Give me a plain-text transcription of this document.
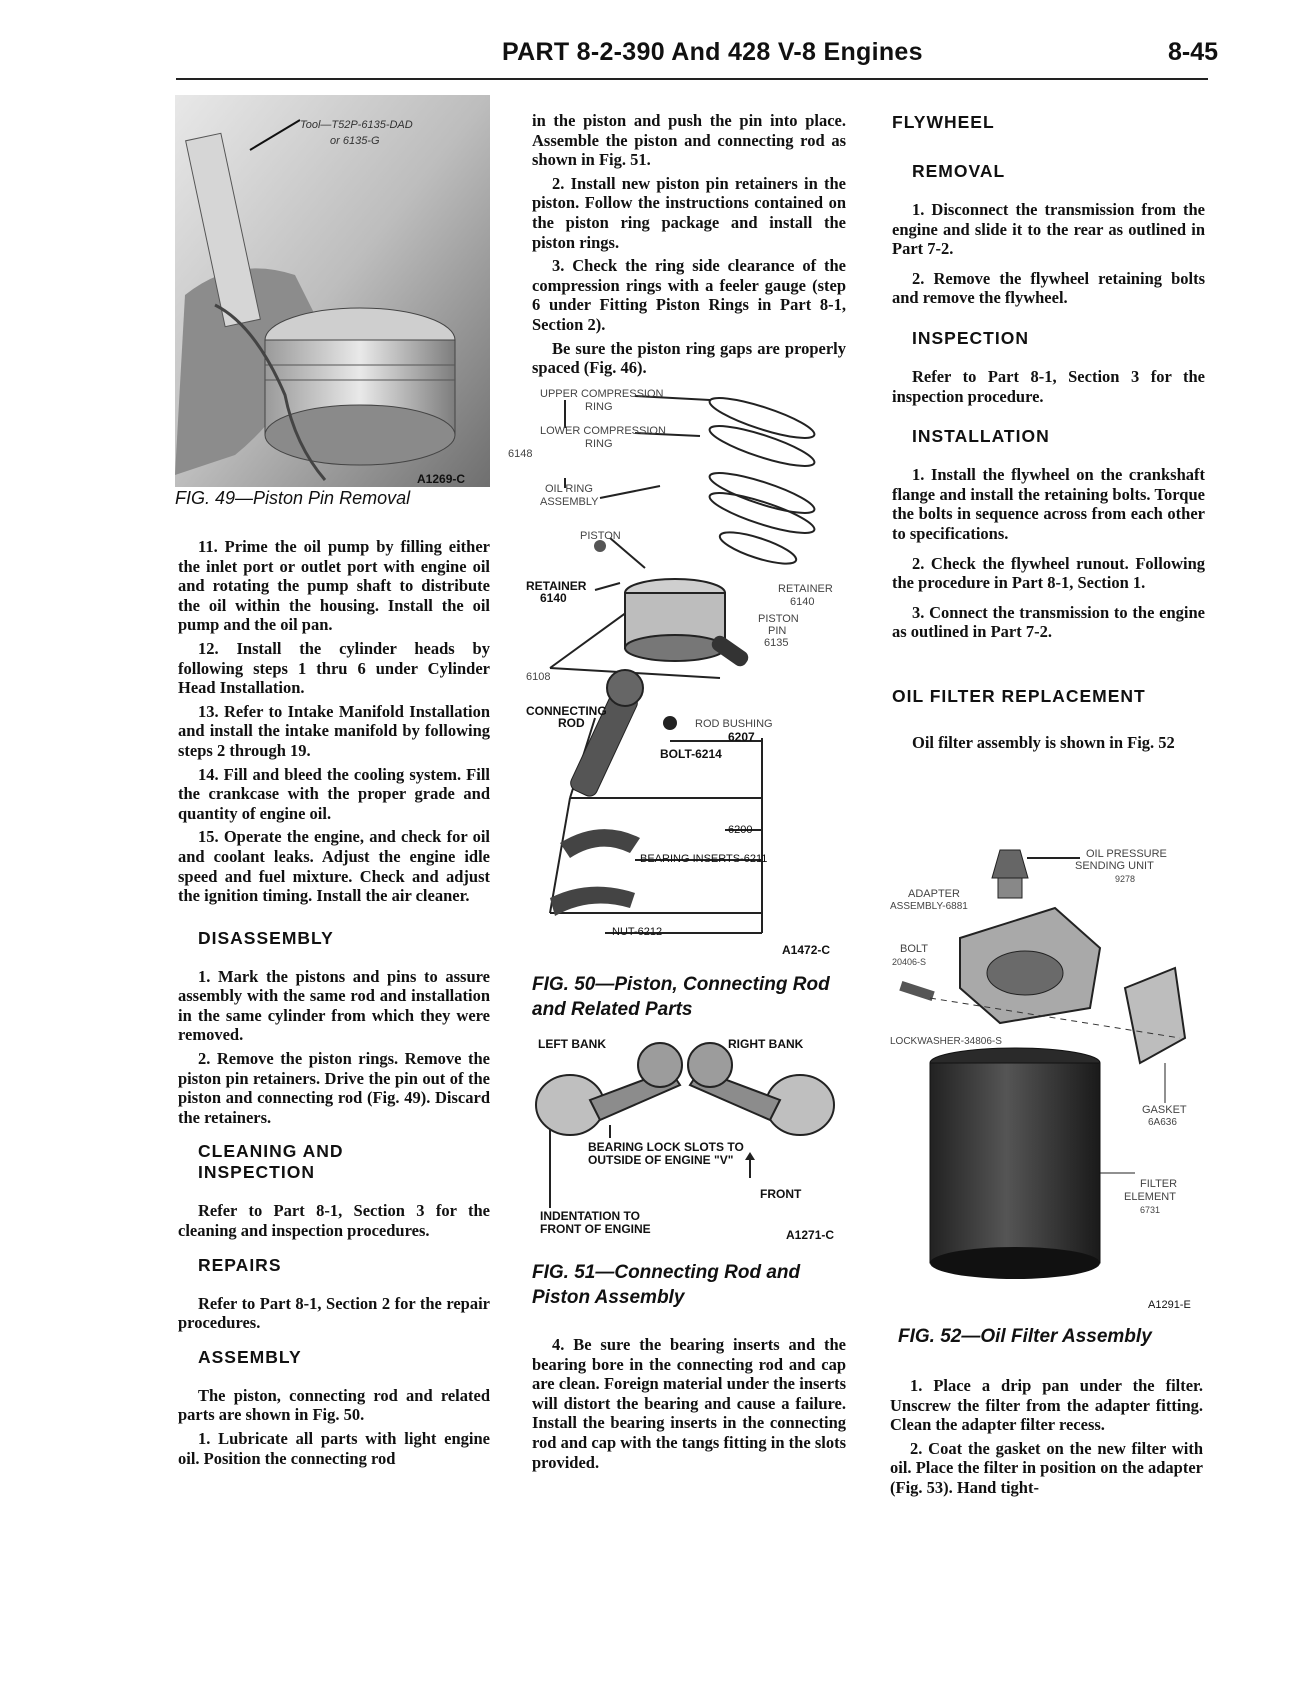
PART 8-2-390 And 428 V-8 Engines	8-45
Tool—T52P-6135-DAD
or 6135-G
A1269-C
FIG. 49—Piston Pin Removal

11. Prime the oil pump by filling either the inlet port or outlet port with engine oil and rotating the pump shaft to distribute the oil within the housing. Install the oil pump and the oil pan.

12. Install the cylinder heads by following steps 1 thru 6 under Cylinder Head Installation.

13. Refer to Intake Manifold Installation and install the intake manifold by following steps 2 through 19.

14. Fill and bleed the cooling system. Fill the crankcase with the proper grade and quantity of engine oil.

15. Operate the engine, and check for oil and coolant leaks. Adjust the engine idle speed and fuel mixture. Check and adjust the ignition timing. Install the air cleaner.

DISASSEMBLY

1. Mark the pistons and pins to assure assembly with the same rod and installation in the same cylinder from which they were removed.

2. Remove the piston rings. Remove the piston pin retainers. Drive the pin out of the piston and connecting rod (Fig. 49). Discard the retainers.

CLEANING AND
INSPECTION

Refer to Part 8-1, Section 3 for the cleaning and inspection procedures.

REPAIRS

Refer to Part 8-1, Section 2 for the repair procedures.

ASSEMBLY

The piston, connecting rod and related parts are shown in Fig. 50.

1. Lubricate all parts with light engine oil. Position the connecting rod

in the piston and push the pin into place. Assemble the piston and connecting rod as shown in Fig. 51.

2. Install new piston pin retainers in the piston. Follow the instructions contained on the piston ring package and install the piston rings.

3. Check the ring side clearance of the compression rings with a feeler gauge (step 6 under Fitting Piston Rings in Part 8-1, Section 2).

Be sure the piston ring gaps are properly spaced (Fig. 46).

UPPER COMPRESSION
RING
LOWER COMPRESSION
RING
6148
OIL RING
ASSEMBLY
PISTON
RETAINER
6140
RETAINER
6140
PISTON
PIN
6135
6108
CONNECTING
ROD	ROD BUSHING
6207
BOLT-6214
6200
BEARING INSERTS-6211
NUT-6212
A1472-C
FIG. 50—Piston, Connecting Rod
and Related Parts
LEFT BANK	RIGHT BANK
BEARING LOCK SLOTS TO
OUTSIDE OF ENGINE "V"
FRONT
INDENTATION TO
FRONT OF ENGINE	A1271-C
FIG. 51—Connecting Rod and
Piston Assembly

4. Be sure the bearing inserts and the bearing bore in the connecting rod and cap are clean. Foreign material under the inserts will distort the bearing and cause a failure. Install the bearing inserts in the connecting rod and cap with the tangs fitting in the slots provided.

FLYWHEEL
REMOVAL

1. Disconnect the transmission from the engine and slide it to the rear as outlined in Part 7-2.

2. Remove the flywheel retaining bolts and remove the flywheel.

INSPECTION

Refer to Part 8-1, Section 3 for the inspection procedure.

INSTALLATION

1. Install the flywheel on the crankshaft flange and install the retaining bolts. Torque the bolts in sequence across from each other to specifications.

2. Check the flywheel runout. Following the procedure in Part 8-1, Section 1.

3. Connect the transmission to the engine as outlined in Part 7-2.

OIL FILTER REPLACEMENT

Oil filter assembly is shown in Fig. 52

OIL PRESSURE
SENDING UNIT
9278
ADAPTER
ASSEMBLY-6881
BOLT
20406-S
LOCKWASHER-34806-S
GASKET
6A636
FILTER
ELEMENT
6731
A1291-E
FIG. 52—Oil Filter Assembly

1. Place a drip pan under the filter. Unscrew the filter from the adapter fitting. Clean the adapter filter recess.

2. Coat the gasket on the new filter with oil. Place the filter in position on the adapter (Fig. 53). Hand tight-
